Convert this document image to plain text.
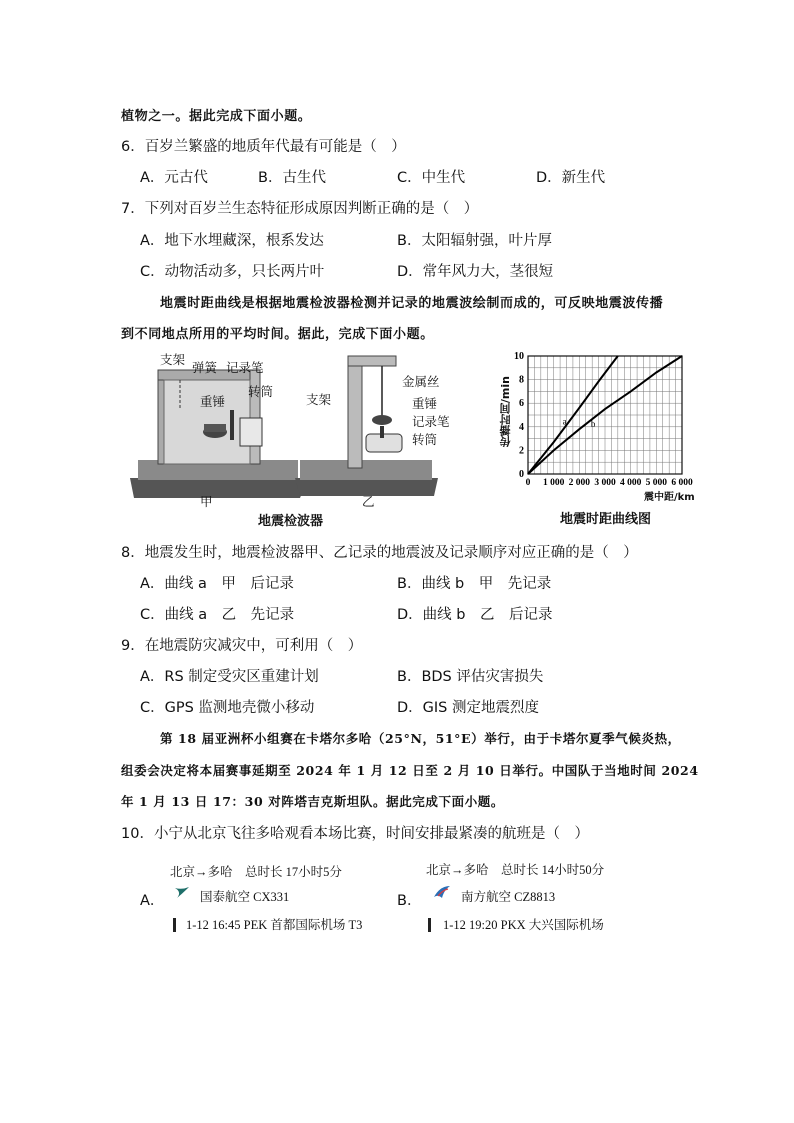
植物之一。据此完成下面小题。
6．百岁兰繁盛的地质年代最有可能是（　）
A．元古代	B．古生代	C．中生代	D．新生代
7．下列对百岁兰生态特征形成原因判断正确的是（　）
A．地下水埋藏深，根系发达	B．太阳辐射强，叶片厚
C．动物活动多，只长两片叶	D．常年风力大，茎很短
地震时距曲线是根据地震检波器检测并记录的地震波绘制而成的，可反映地震波传播
到不同地点所用的平均时间。据此，完成下面小题。
支架
弹簧 记录笔
重锤
转筒
支架
金属丝
重锤
记录笔
转筒
甲	乙
地震检波器
0 1 000 2 000 3 000 4 000 5 000 6 000
0
2
4
6
8
10
a	b
传播时间/min
震中距/km
地震时距曲线图
8．地震发生时，地震检波器甲、乙记录的地震波及记录顺序对应正确的是（　）
A．曲线 a　甲　后记录	B．曲线 b　甲　先记录
C．曲线 a　乙　先记录	D．曲线 b　乙　后记录
9．在地震防灾减灾中，可利用（　）
A．RS 制定受灾区重建计划	B．BDS 评估灾害损失
C．GPS 监测地壳微小移动	D．GIS 测定地震烈度
第 18 届亚洲杯小组赛在卡塔尔多哈（25°N，51°E）举行，由于卡塔尔夏季气候炎热，
组委会决定将本届赛事延期至 2024 年 1 月 12 日至 2 月 10 日举行。中国队于当地时间 2024
年 1 月 13 日 17：30 对阵塔吉克斯坦队。据此完成下面小题。
10．小宁从北京飞往多哈观看本场比赛，时间安排最紧凑的航班是（　）
北京→多哈　总时长 17小时5分
A．	国泰航空 CX331
1-12 16:45 PEK 首都国际机场 T3
北京→多哈　总时长 14小时50分
B．	南方航空 CZ8813
1-12 19:20 PKX 大兴国际机场
